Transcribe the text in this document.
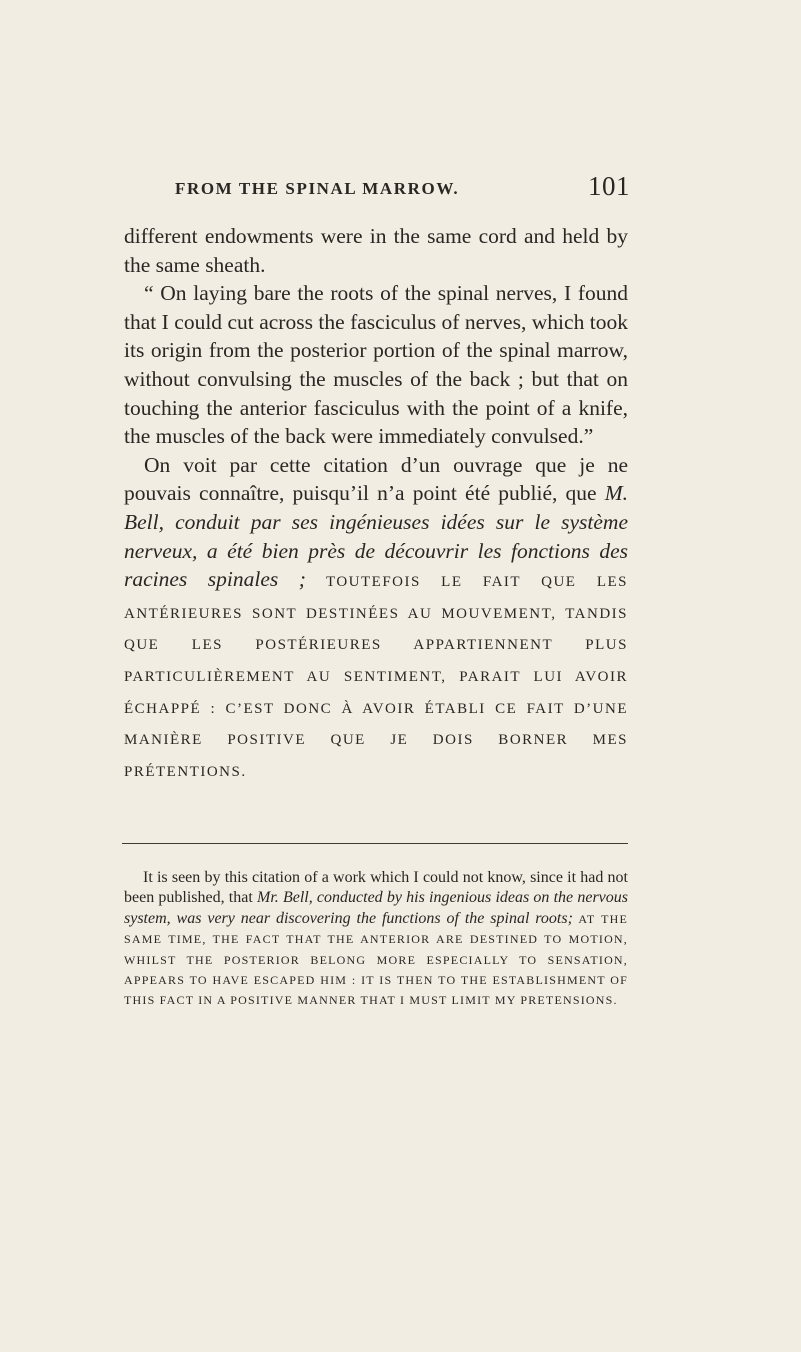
FROM THE SPINAL MARROW.	101

different endowments were in the same cord and held by the same sheath.

“ On laying bare the roots of the spinal nerves, I found that I could cut across the fasciculus of nerves, which took its origin from the posterior portion of the spinal marrow, without convulsing the muscles of the back ; but that on touching the anterior fasciculus with the point of a knife, the muscles of the back were immediately convulsed.”

On voit par cette citation d’un ouvrage que je ne pouvais connaître, puisqu’il n’a point été publié, que M. Bell, conduit par ses ingénieuses idées sur le système nerveux, a été bien près de découvrir les fonctions des racines spinales ; TOUTEFOIS LE FAIT QUE LES ANTÉRIEURES SONT DESTINÉES AU MOUVEMENT, TANDIS QUE LES POSTÉRIEURES APPARTIENNENT PLUS PARTICULIÈREMENT AU SENTIMENT, PARAIT LUI AVOIR ÉCHAPPÉ : C’EST DONC À AVOIR ÉTABLI CE FAIT D’UNE MANIÈRE POSITIVE QUE JE DOIS BORNER MES PRÉTENTIONS.

It is seen by this citation of a work which I could not know, since it had not been published, that Mr. Bell, conducted by his ingenious ideas on the nervous system, was very near discovering the functions of the spinal roots; AT THE SAME TIME, THE FACT THAT THE ANTERIOR ARE DESTINED TO MOTION, WHILST THE POSTERIOR BELONG MORE ESPECIALLY TO SENSATION, APPEARS TO HAVE ESCAPED HIM : IT IS THEN TO THE ESTABLISHMENT OF THIS FACT IN A POSITIVE MANNER THAT I MUST LIMIT MY PRETENSIONS.
